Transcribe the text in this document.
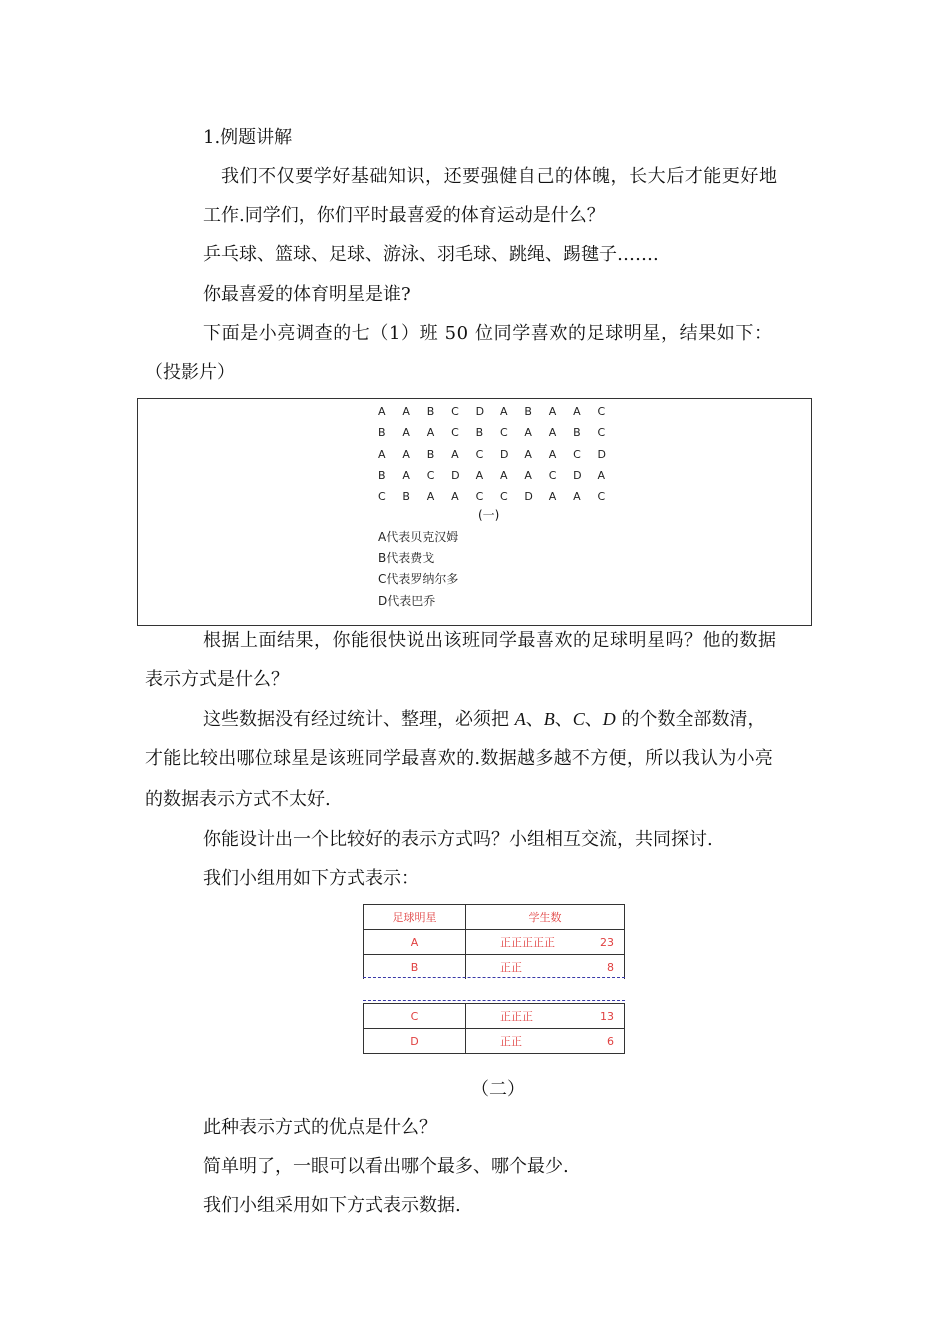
1.例题讲解
我们不仅要学好基础知识，还要强健自己的体魄，长大后才能更好地
工作.同学们，你们平时最喜爱的体育运动是什么？
乒乓球、篮球、足球、游泳、羽毛球、跳绳、踢毽子…….
你最喜爱的体育明星是谁?
下面是小亮调查的七（1）班 50 位同学喜欢的足球明星，结果如下：
（投影片）
A A B C D A B A A C
B A A C B C A A B C
A A B A C D A A C D
B A C D A A A C D A
C B A A C C D A A C
(一)
A代表贝克汉姆
B代表费戈
C代表罗纳尔多
D代表巴乔
根据上面结果，你能很快说出该班同学最喜欢的足球明星吗？他的数据
表示方式是什么？
这些数据没有经过统计、整理，必须把 A、B、C、D 的个数全部数清，
才能比较出哪位球星是该班同学最喜欢的.数据越多越不方便，所以我认为小亮
的数据表示方式不太好.
你能设计出一个比较好的表示方式吗？小组相互交流，共同探讨.
我们小组用如下方式表示：
足球明星	学生数
A	正正正正正 23
B	正正 8
C	正正正 13
D	正正 6
（二）
此种表示方式的优点是什么？
简单明了，一眼可以看出哪个最多、哪个最少.
我们小组采用如下方式表示数据.
